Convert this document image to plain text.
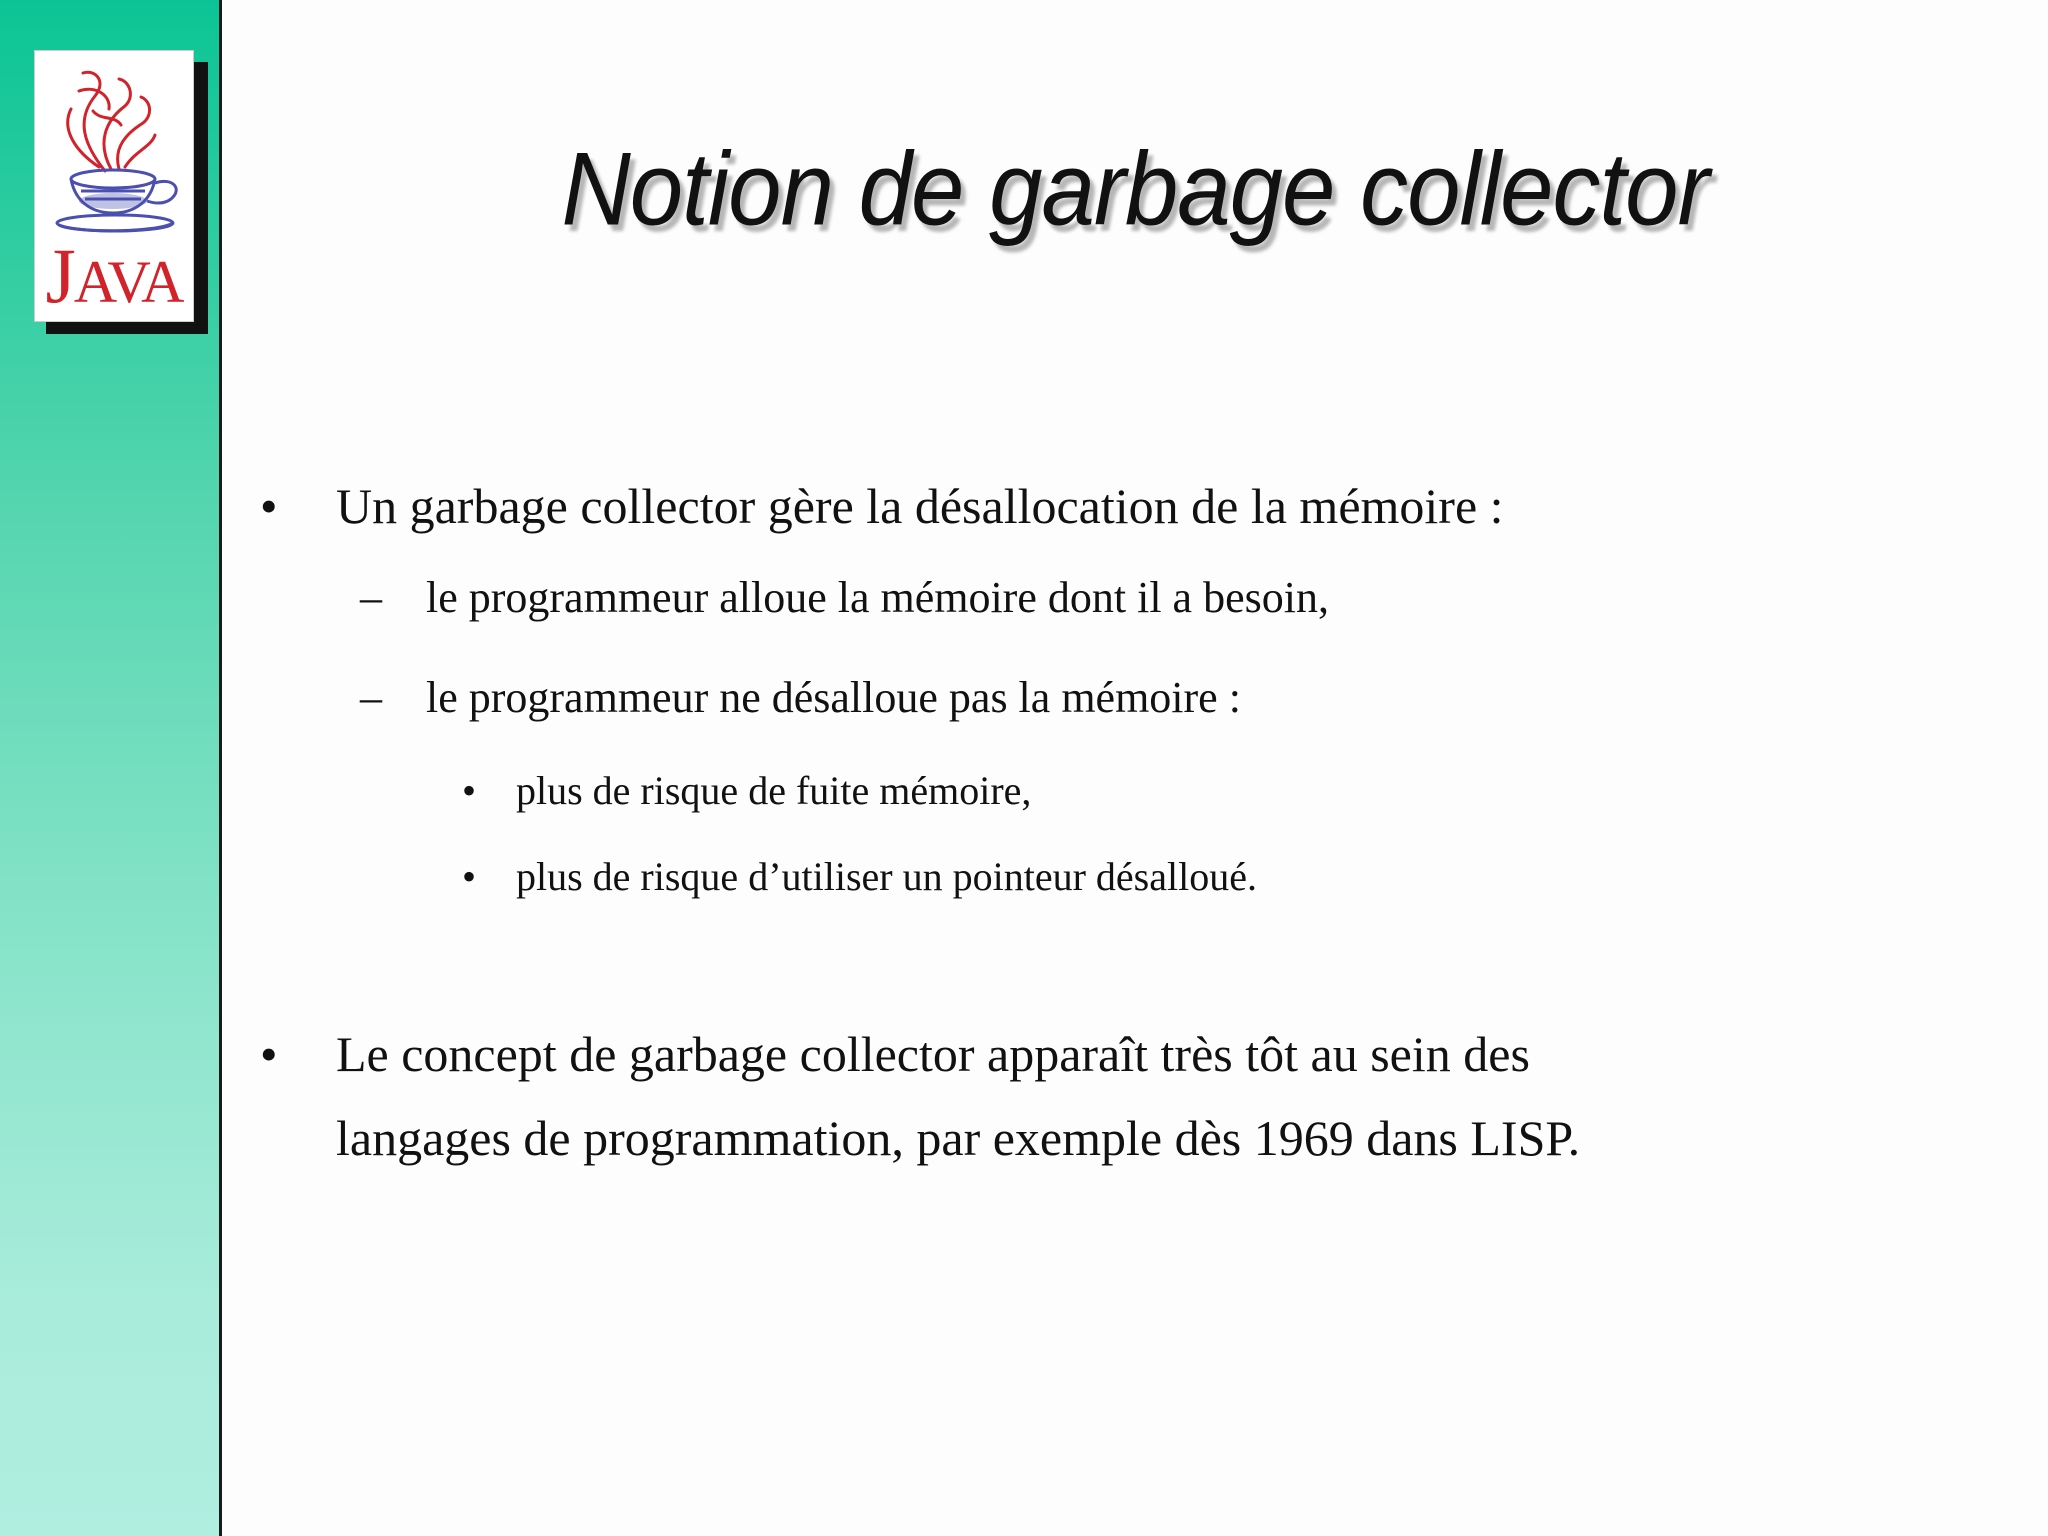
JAVA
Notion de garbage collector
• Un garbage collector gère la désallocation de la mémoire :
– le programmeur alloue la mémoire dont il a besoin,
– le programmeur ne désalloue pas la mémoire :
• plus de risque de fuite mémoire,
• plus de risque d’utiliser un pointeur désalloué.
• Le concept de garbage collector apparaît très tôt au sein des
langages de programmation, par exemple dès 1969 dans LISP.
